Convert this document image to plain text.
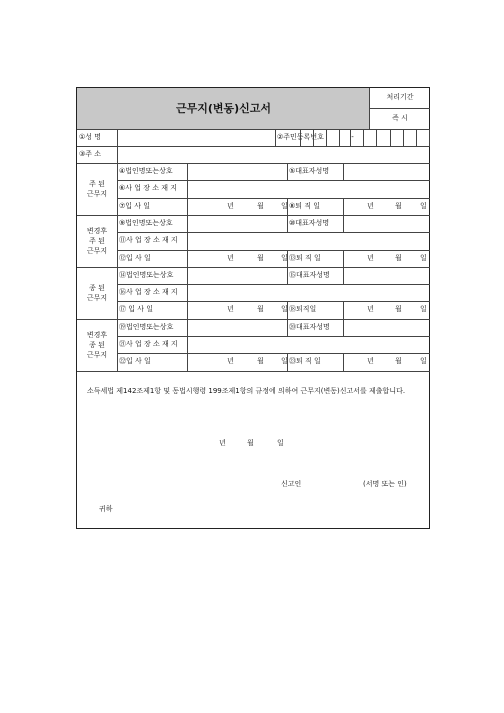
근무지(변동)신고서
처리기간
즉 시
①성 명	②주민등록번호	-
③주 소
소득세법 제142조제1항 및 동법시행령 199조제1항의 규정에 의하여 근무지(변동)신고서를 제출합니다.
년	월	일
신고인	(서명 또는 인)
귀하
주 된
근무지
④법인명또는상호	⑤대표자성명
⑥사 업 장 소 재 지
⑦입 사 일	년	월 일 ⑧퇴 직 일	년	월	일
변경후
주 된
근무지
⑨법인명또는상호	⑩대표자성명
⑪사 업 장 소 재 지
⑫입 사 일	년	월 일 ⑬퇴 직 일	년	월	일
종 된
근무지
⑭법인명또는상호	⑮대표자성명
⑯사 업 장 소 재 지
⑰ 입 사 일	년	월 일 ⑱퇴직일	년	월	일
변경후
종 된
근무지
⑲법인명또는상호	⑳대표자성명
㉑사 업 장 소 재 지
㉒입 사 일	년	월 일 ㉓퇴 직 일	년	월	일
